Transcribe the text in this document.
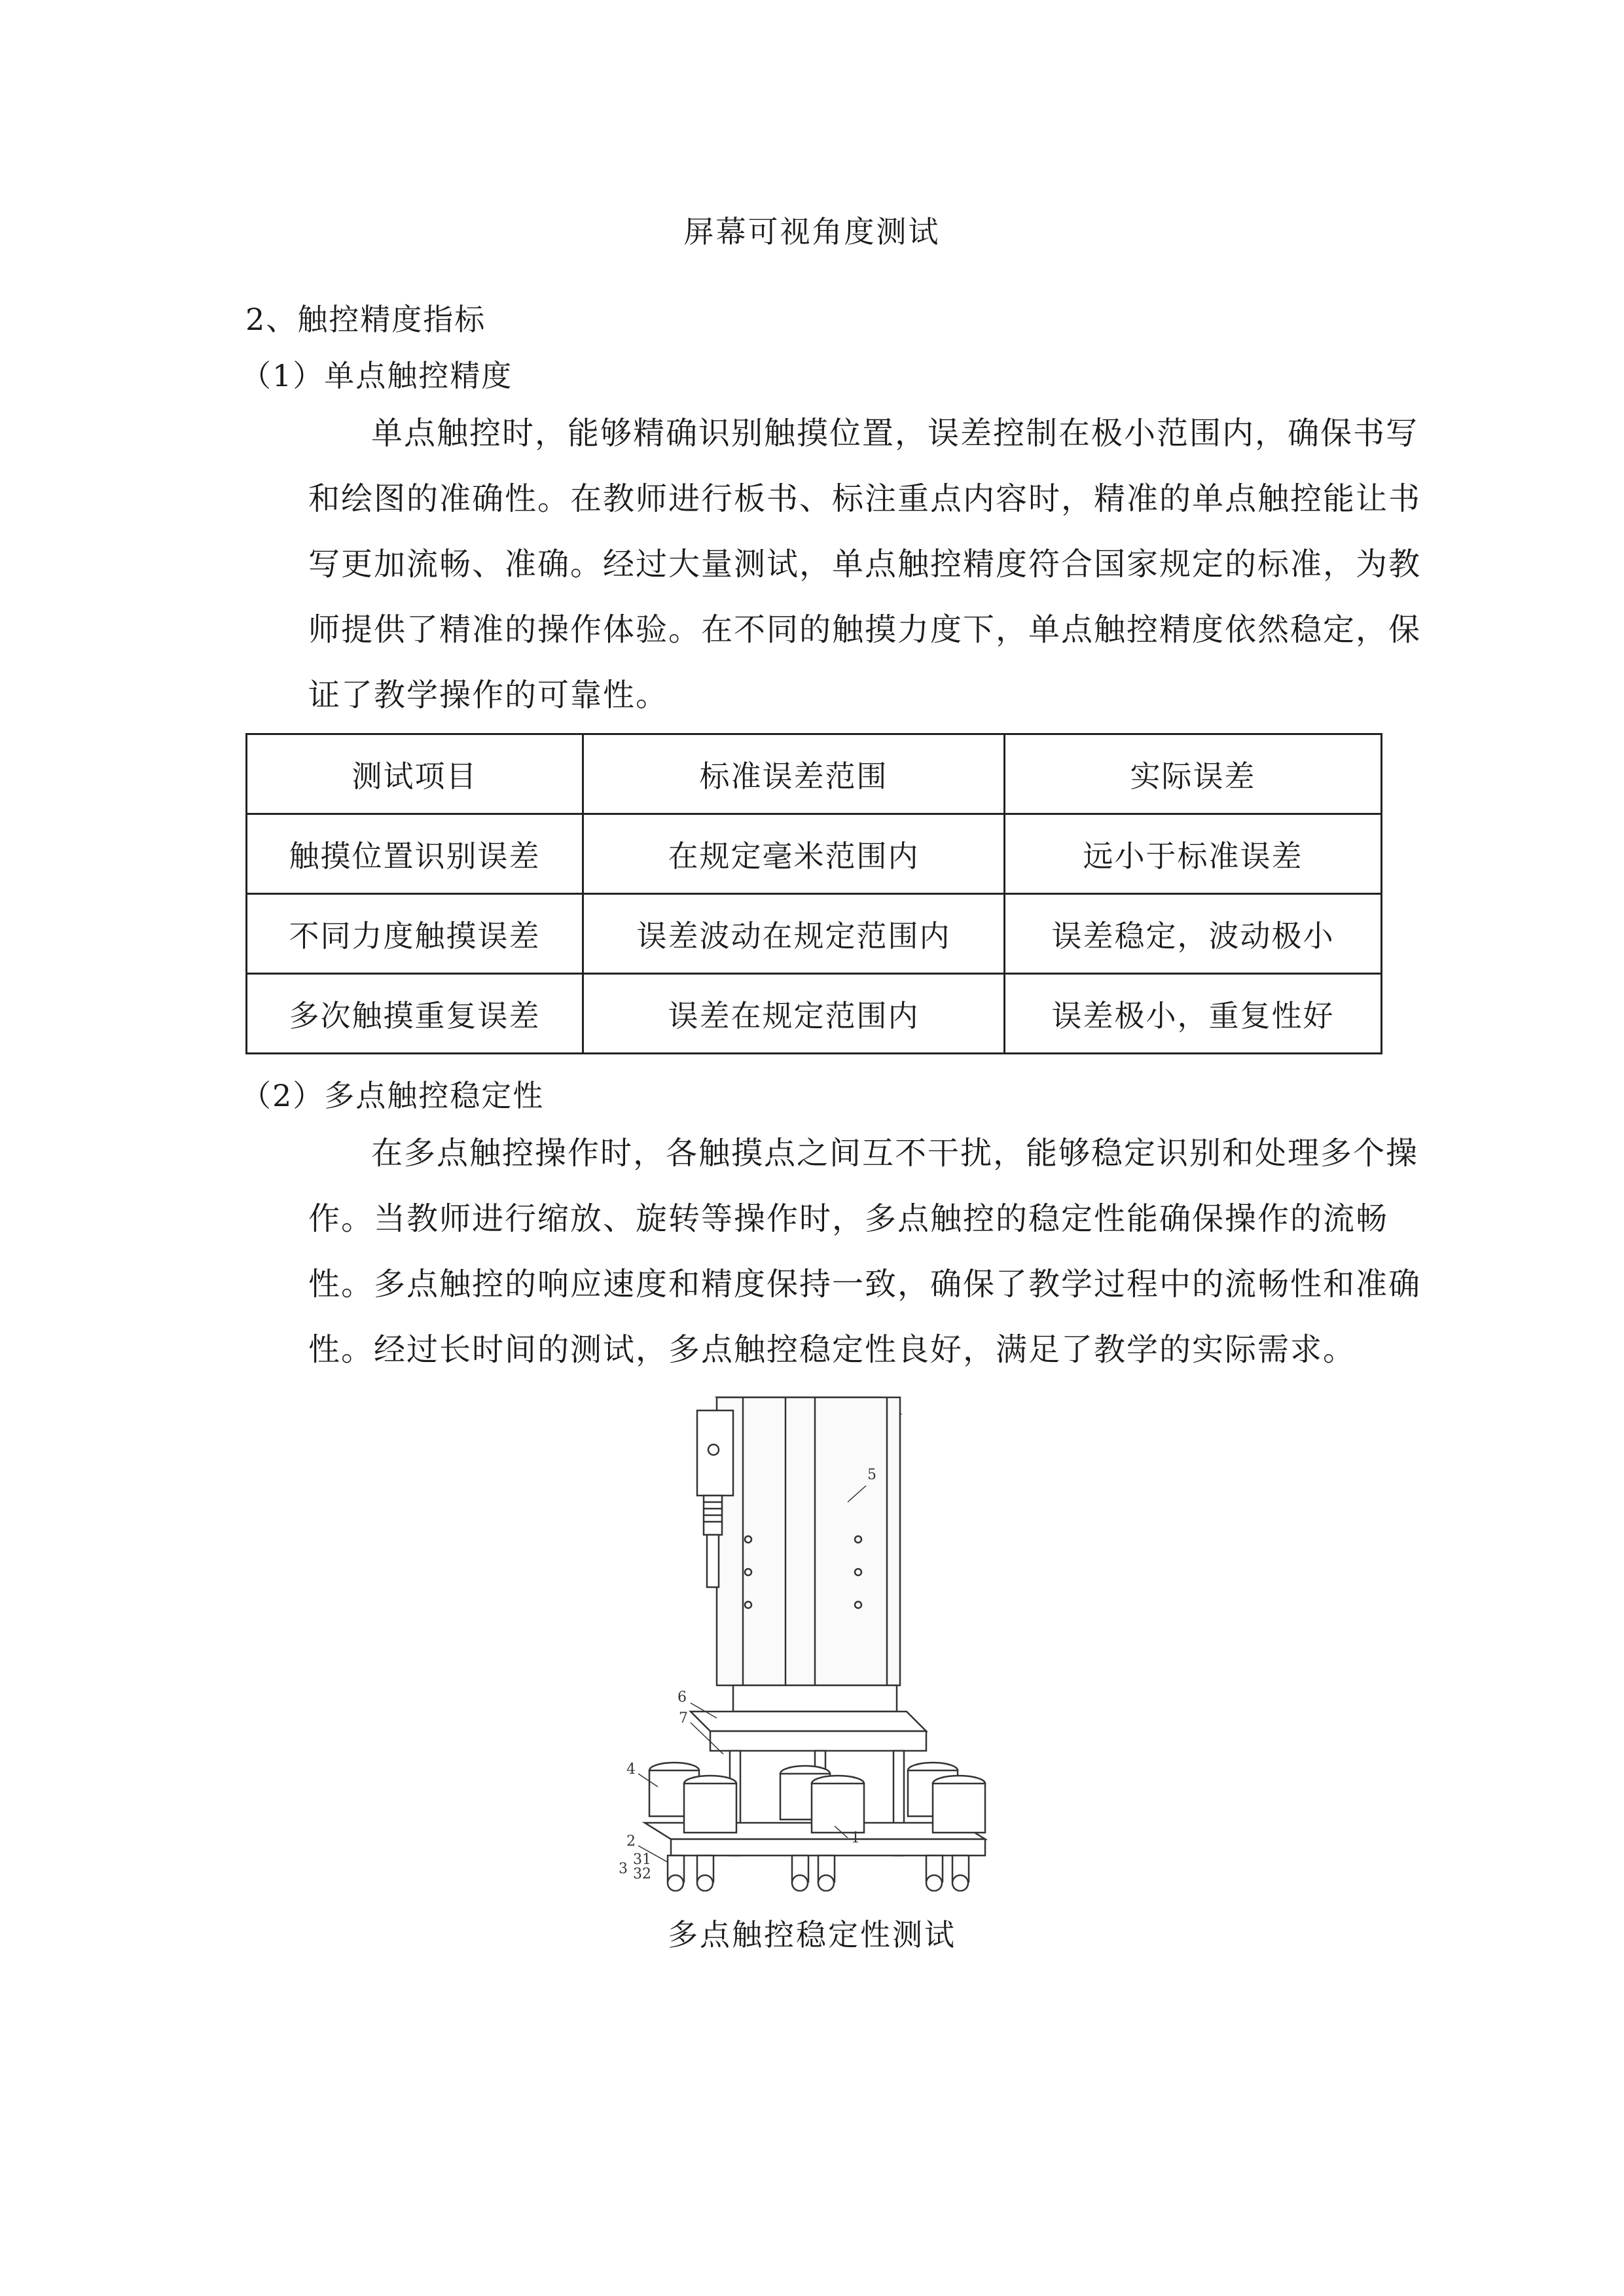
屏幕可视角度测试
2、触控精度指标
（1）单点触控精度
单点触控时，能够精确识别触摸位置，误差控制在极小范围内，确保书写
和绘图的准确性。在教师进行板书、标注重点内容时，精准的单点触控能让书
写更加流畅、准确。经过大量测试，单点触控精度符合国家规定的标准，为教
师提供了精准的操作体验。在不同的触摸力度下，单点触控精度依然稳定，保
证了教学操作的可靠性。
测试项目	标准误差范围	实际误差
触摸位置识别误差	在规定毫米范围内	远小于标准误差
不同力度触摸误差	误差波动在规定范围内	误差稳定，波动极小
多次触摸重复误差	误差在规定范围内	误差极小，重复性好
（2）多点触控稳定性
在多点触控操作时，各触摸点之间互不干扰，能够稳定识别和处理多个操
作。当教师进行缩放、旋转等操作时，多点触控的稳定性能确保操作的流畅
性。多点触控的响应速度和精度保持一致，确保了教学过程中的流畅性和准确
性。经过长时间的测试，多点触控稳定性良好，满足了教学的实际需求。
5
6
7
4
2
31
32
3
1
多点触控稳定性测试
